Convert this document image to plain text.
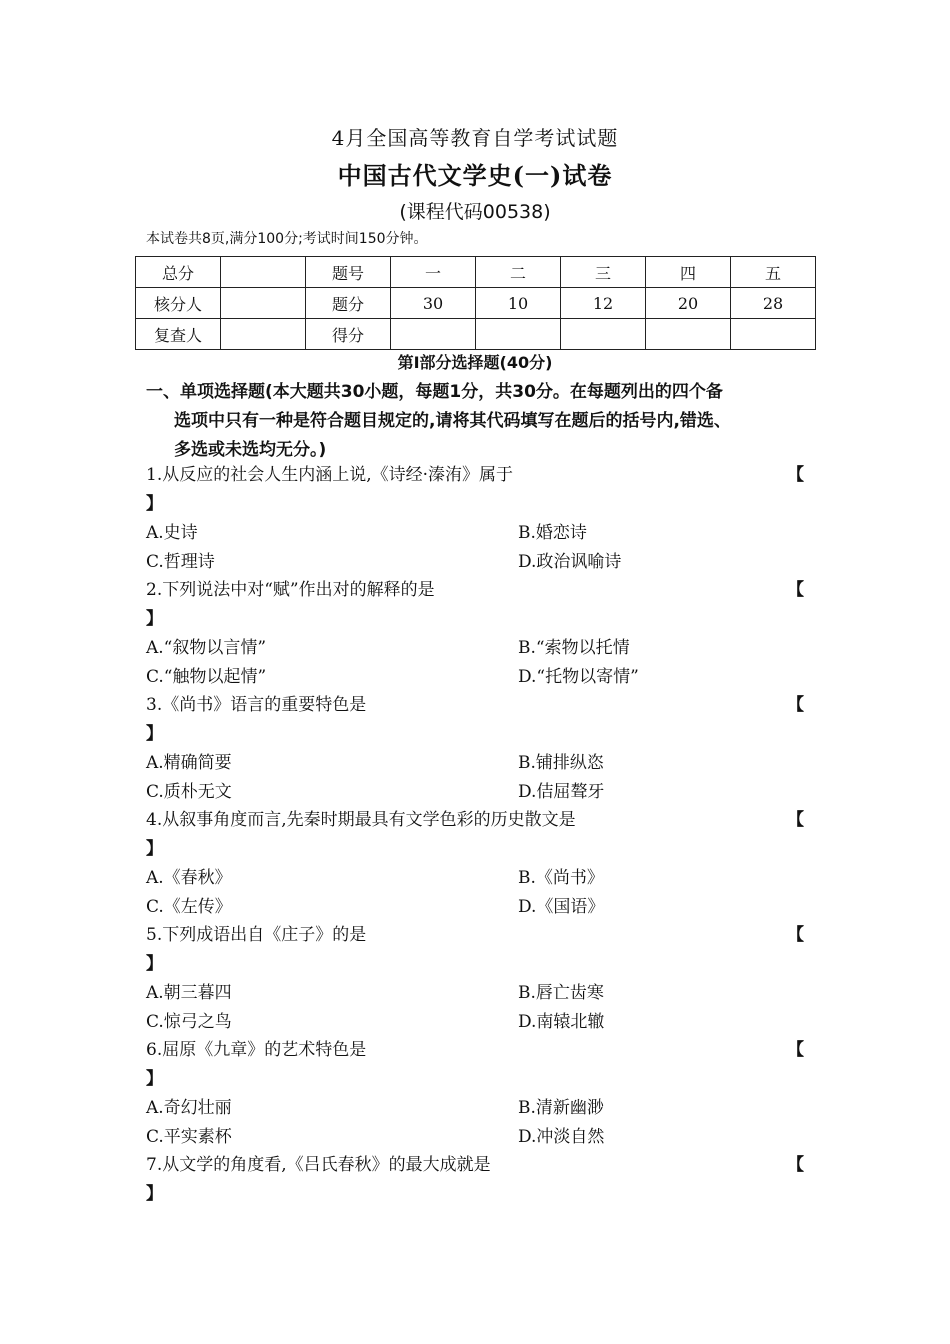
4月全国高等教育自学考试试题
中国古代文学史(一)试卷
(课程代码00538)
本试卷共8页,满分100分;考试时间150分钟。
总分		题号	一	二	三	四	五
核分人		题分	30	10	12	20	28
复查人		得分					
第Ⅰ部分选择题(40分)
一、单项选择题(本大题共30小题，每题1分，共30分。在每题列出的四个备
选项中只有一种是符合题目规定的,请将其代码填写在题后的括号内,错选、
多选或未选均无分。)
1.从反应的社会人生内涵上说,《诗经·溱洧》属于	【
】
A.史诗	B.婚恋诗
C.哲理诗	D.政治讽喻诗
2.下列说法中对“赋”作出对的解释的是	【
】
A.“叙物以言情”	B.“索物以托情
C.“触物以起情”	D.“托物以寄情”
3.《尚书》语言的重要特色是	【
】
A.精确简要	B.铺排纵恣
C.质朴无文	D.佶屈聱牙
4.从叙事角度而言,先秦时期最具有文学色彩的历史散文是	【
】
A.《春秋》	B.《尚书》
C.《左传》	D.《国语》
5.下列成语出自《庄子》的是	【
】
A.朝三暮四	B.唇亡齿寒
C.惊弓之鸟	D.南辕北辙
6.屈原《九章》的艺术特色是	【
】
A.奇幻壮丽	B.清新幽渺
C.平实素杯	D.冲淡自然
7.从文学的角度看,《吕氏春秋》的最大成就是	【
】
